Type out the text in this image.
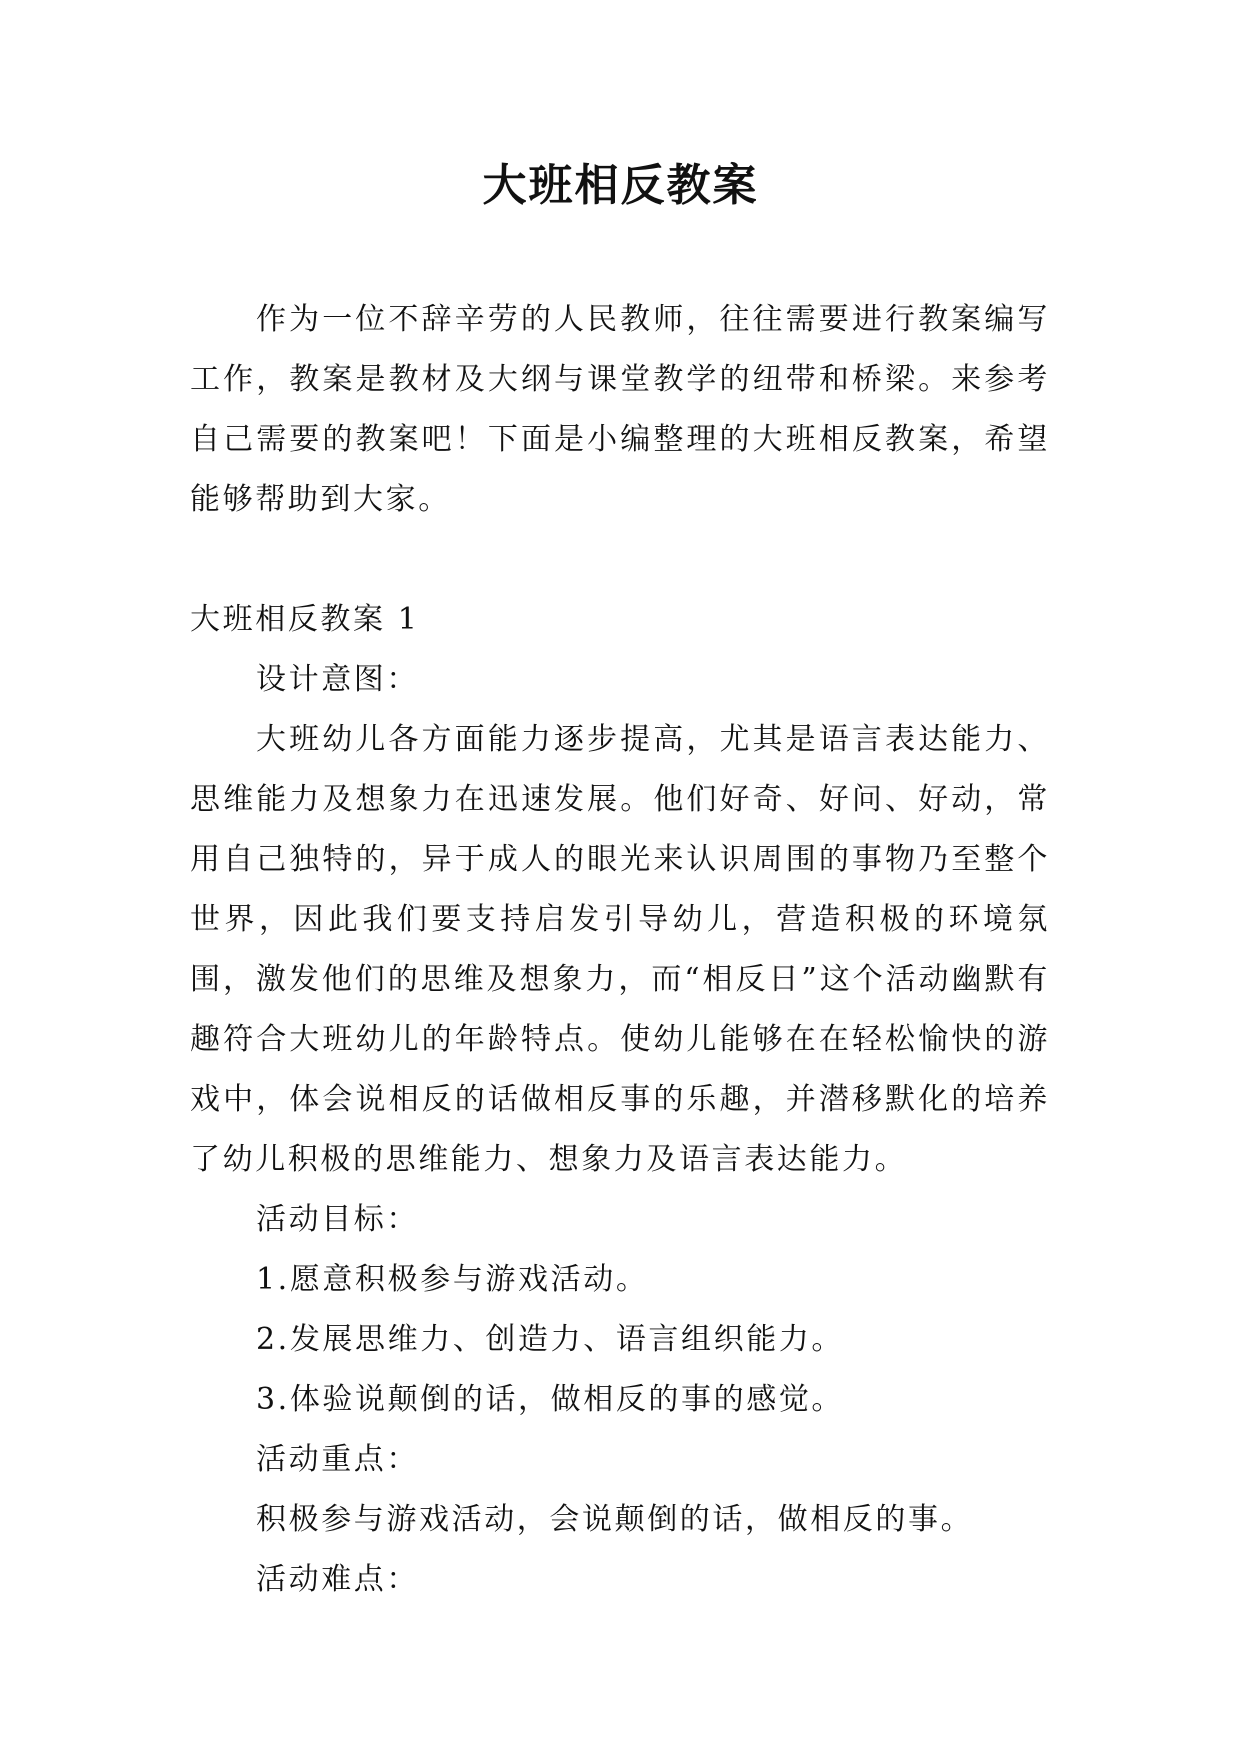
大班相反教案

作为一位不辞辛劳的人民教师，往往需要进行教案编写工作，教案是教材及大纲与课堂教学的纽带和桥梁。来参考自己需要的教案吧！下面是小编整理的大班相反教案，希望能够帮助到大家。

大班相反教案 1

设计意图：

大班幼儿各方面能力逐步提高，尤其是语言表达能力、思维能力及想象力在迅速发展。他们好奇、好问、好动，常用自己独特的，异于成人的眼光来认识周围的事物乃至整个世界，因此我们要支持启发引导幼儿，营造积极的环境氛围，激发他们的思维及想象力，而“相反日”这个活动幽默有趣符合大班幼儿的年龄特点。使幼儿能够在在轻松愉快的游戏中，体会说相反的话做相反事的乐趣，并潜移默化的培养了幼儿积极的思维能力、想象力及语言表达能力。

活动目标：

1.愿意积极参与游戏活动。

2.发展思维力、创造力、语言组织能力。

3.体验说颠倒的话，做相反的事的感觉。

活动重点：

积极参与游戏活动，会说颠倒的话，做相反的事。

活动难点：
